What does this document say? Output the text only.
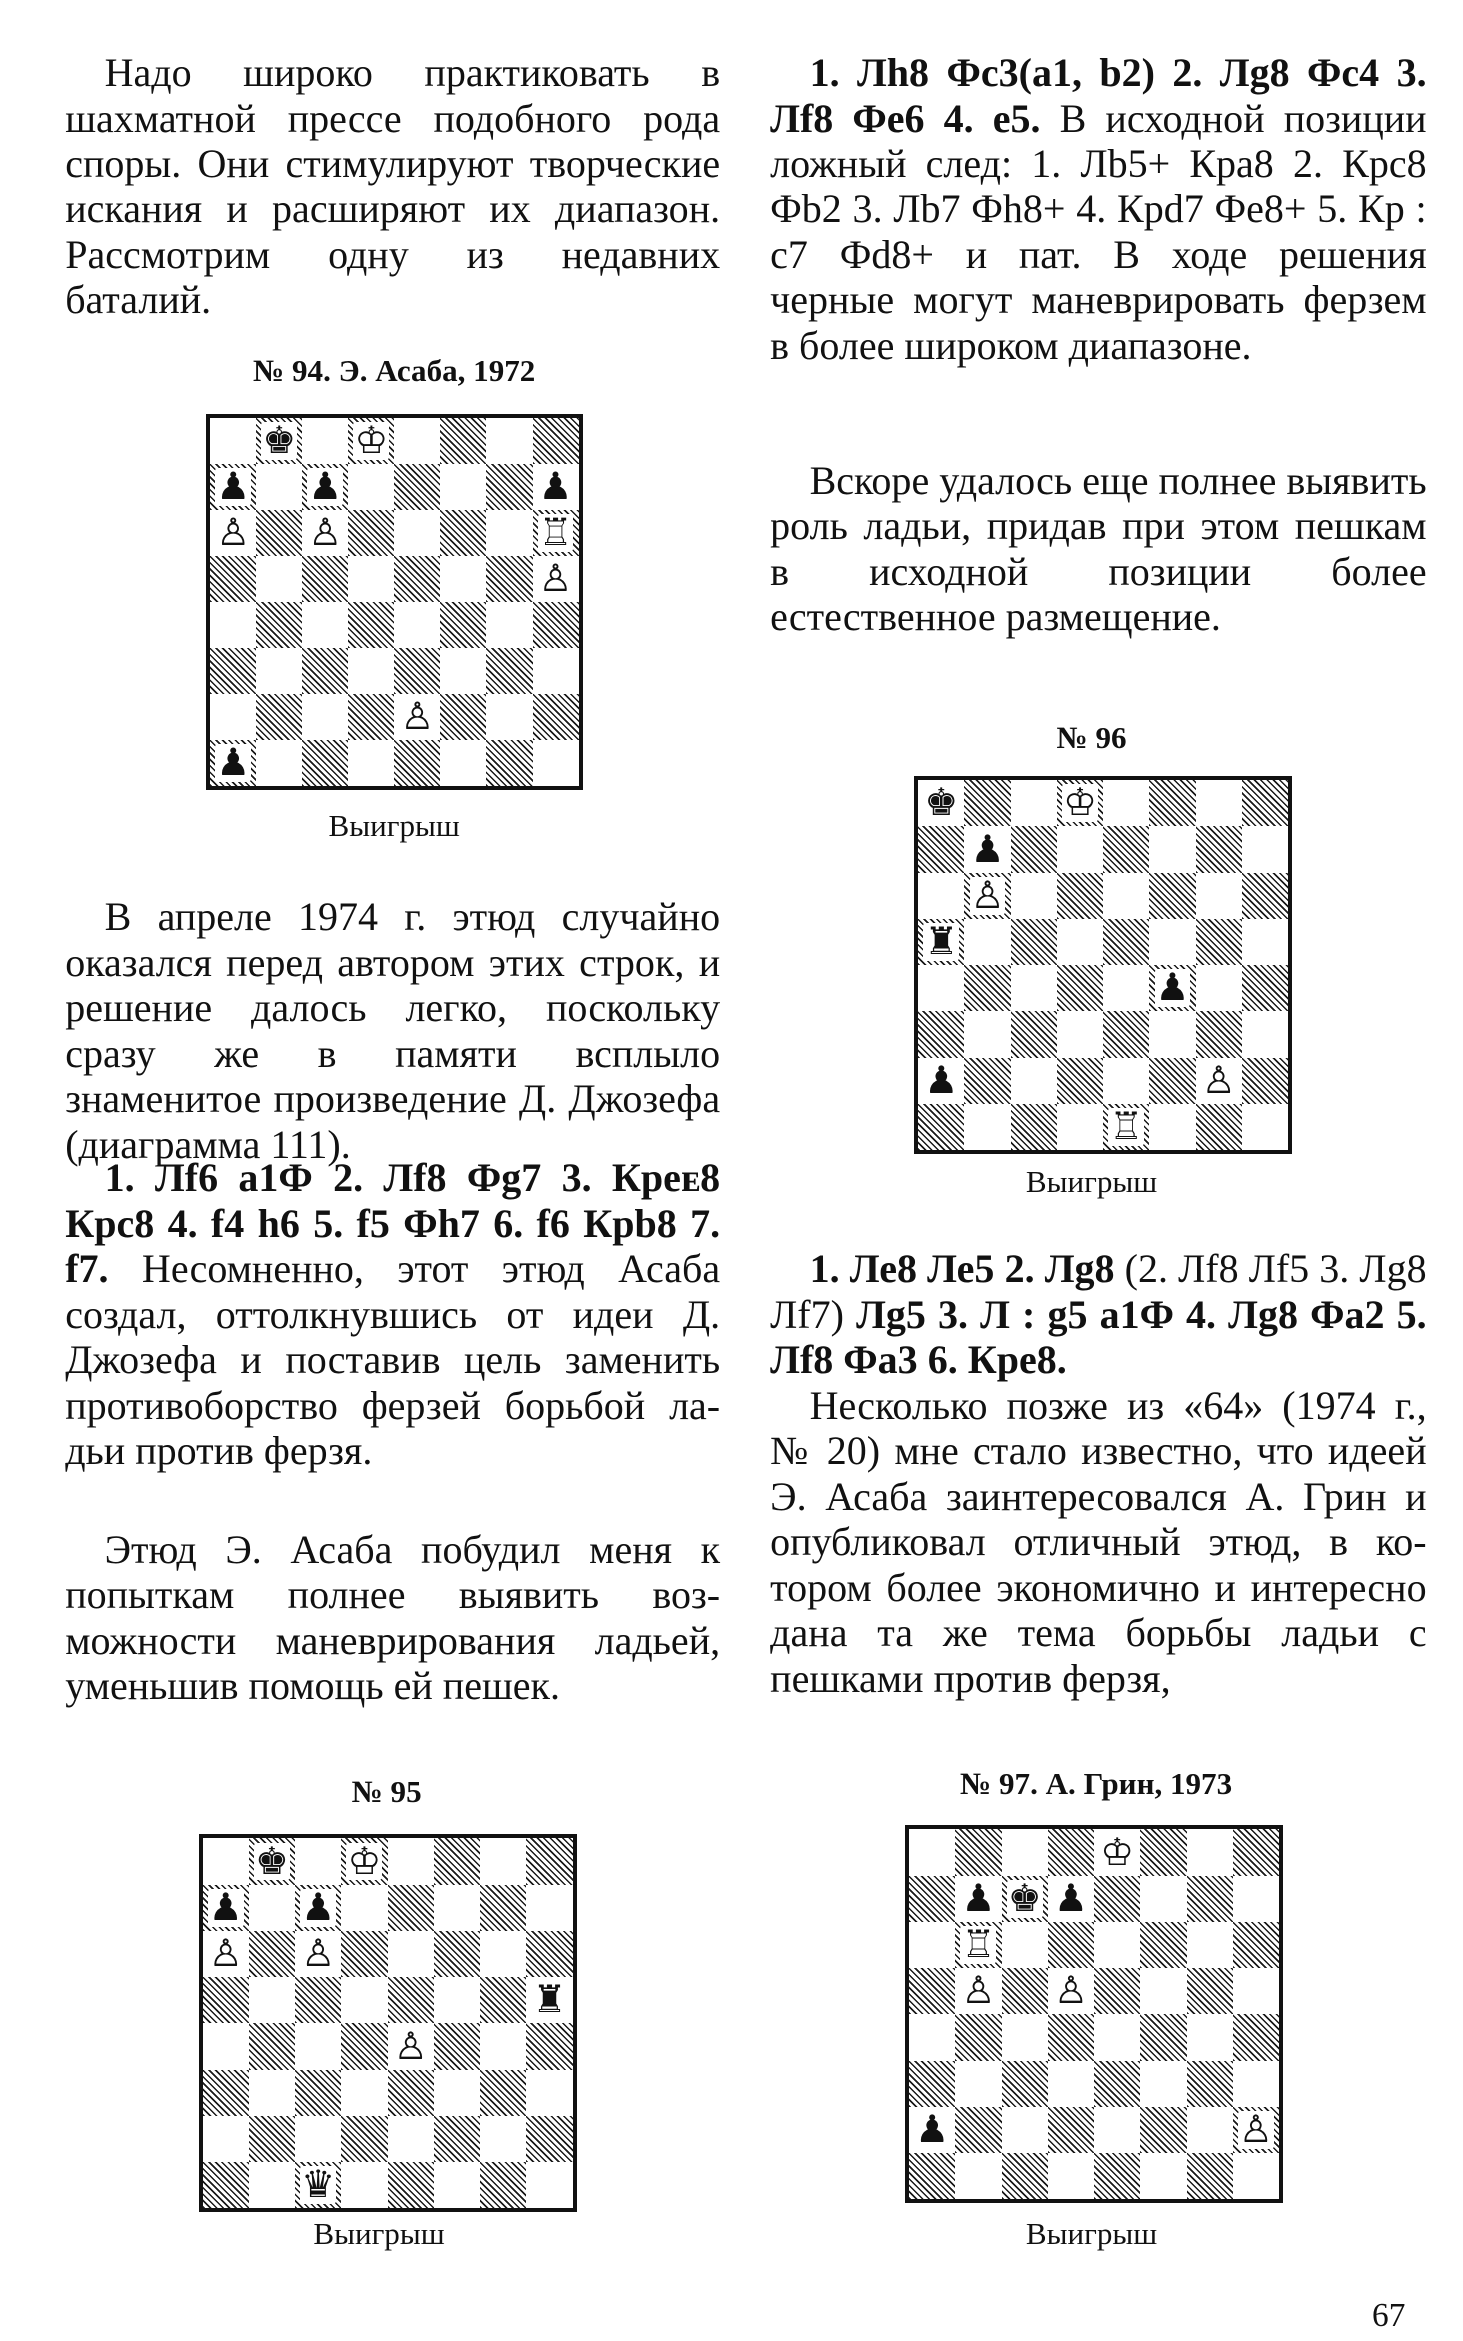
Надо широко практиковать в шахматной прессе подобного рода споры. Они стимулируют творческие искания и расширяют их диапазон. Рассмотрим одну из недавних баталий.

№ 94. Э. Асаба, 1972

♚ ♔
♟ ♟	♟
♙ ♙	♖
♙
♙
♟

Выигрыш

В апреле 1974 г. этюд случайно оказался перед автором этих строк, и решение далось легко, поскольку сразу же в памяти всплыло знаменитое произведение Д. Джозефа (диаграмма 111).

1. Лf6 а1Ф 2. Лf8 Фg7 3. Креᴇ8 Крс8 4. f4 h6 5. f5 Фh7 6. f6 Крb8 7. f7. Несомненно, этот этюд Асаба создал, оттолкнувшись от идеи Д. Джозефа и поставив цель заменить противоборство ферзей борьбой ладьи против ферзя.

Этюд Э. Асаба побудил меня к попыткам полнее выявить возможности маневрирования ладьей, уменьшив помощь ей пешек.

№ 95

♚ ♔
♟ ♟
♙ ♙
♜
♙
♛

Выигрыш

1. Лh8 Фс3(а1, b2) 2. Лg8 Фс4 3. Лf8 Фе6 4. е5. В исходной позиции ложный след: 1. Лb5+ Кра8 2. Крс8 Фb2 3. Лb7 Фh8+ 4. Крd7 Фе8+ 5. Кр : с7 Фd8+ и пат. В ходе решения черные могут маневрировать ферзем в более широком диапазоне.

Вскоре удалось еще полнее выявить роль ладьи, придав при этом пешкам в исходной позиции более естественное размещение.

№ 96

♚	♔
♟
♙
♜
♟
♟	♙
♖

Выигрыш

1. Ле8 Ле5 2. Лg8 (2. Лf8 Лf5 3. Лg8 Лf7) Лg5 3. Л : g5 а1Ф 4. Лg8 Фа2 5. Лf8 Фа3 6. Кре8.

Несколько позже из «64» (1974 г., № 20) мне стало известно, что идеей Э. Асаба заинтересовался А. Грин и опубликовал отличный этюд, в котором более экономично и интересно дана та же тема борьбы ладьи с пешками против ферзя,

№ 97. А. Грин, 1973

♔
♟ ♚ ♟
♖
♙ ♙
♟	♙

Выигрыш

67
